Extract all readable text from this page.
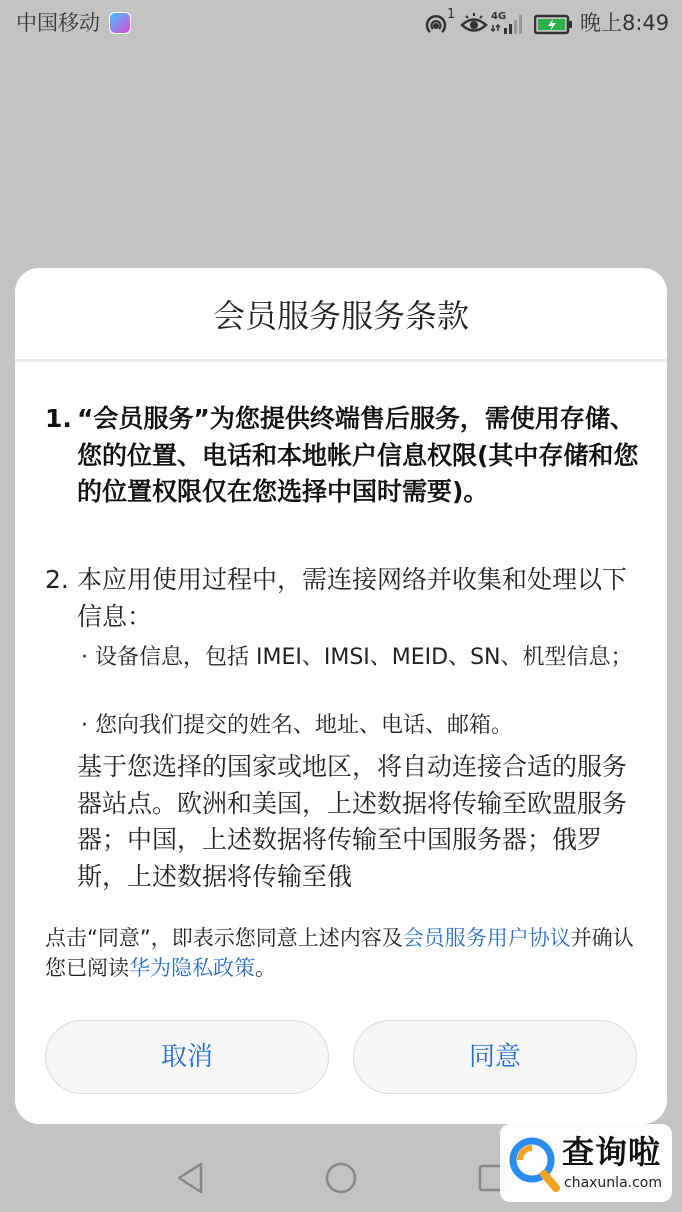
中国移动	1	4G	晚上8:49
会员服务服务条款
1. “会员服务”为您提供终端售后服务，需使用存储、您的位置、电话和本地帐户信息权限(其中存储和您的位置权限仅在您选择中国时需要)。
2. 本应用使用过程中，需连接网络并收集和处理以下信息：
· 设备信息，包括 IMEI、IMSI、MEID、SN、机型信息；
· 您向我们提交的姓名、地址、电话、邮箱。
基于您选择的国家或地区，将自动连接合适的服务器站点。欧洲和美国，上述数据将传输至欧盟服务器；中国，上述数据将传输至中国服务器；俄罗斯，上述数据将传输至俄
点击“同意”，即表示您同意上述内容及会员服务用户协议并确认您已阅读华为隐私政策。
取消	同意
查询啦
chaxunla.com
